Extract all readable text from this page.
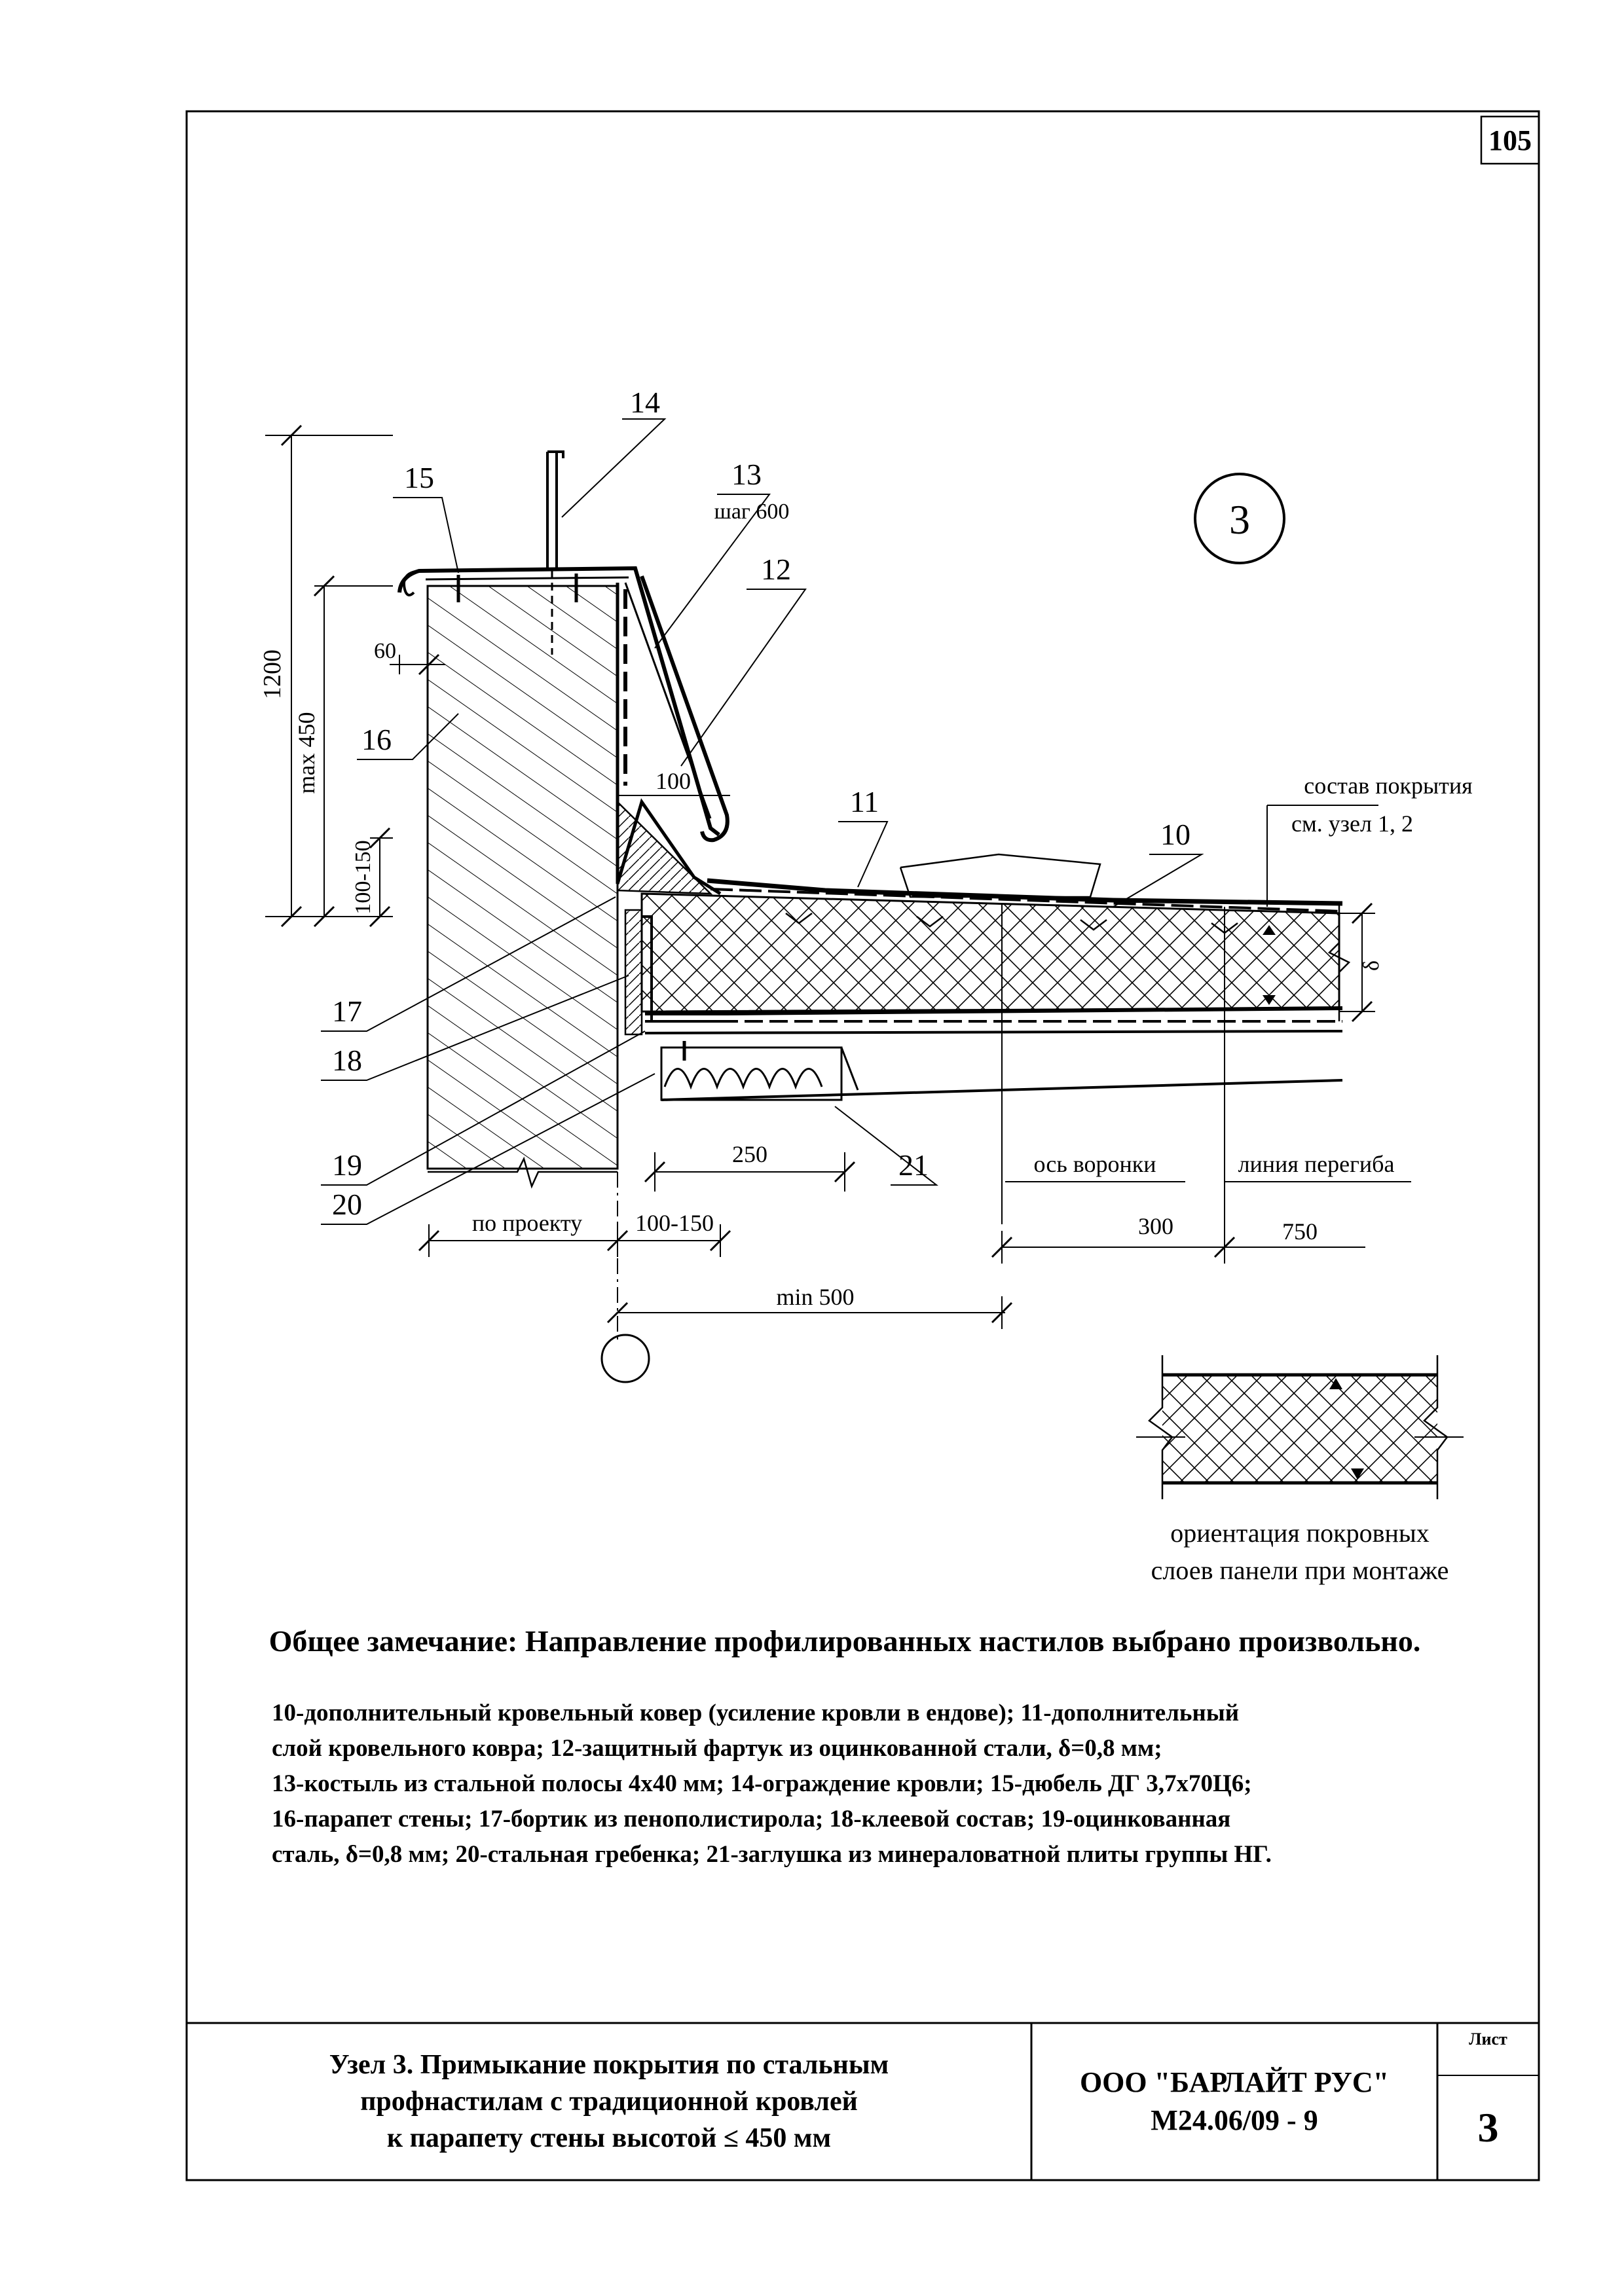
3
14
15	13
шаг 600
12
16
11
10
17
18
19
20
21
1200
max 450
100-150
60
100
250
по проекту 100-150
min 500
300	750
δ
состав покрытия
см. узел 1, 2
ось воронки	линия перегиба
ориентация покровных
слоев панели при монтаже
105
Общее замечание: Направление профилированных настилов выбрано произвольно.
10-дополнительный кровельный ковер (усиление кровли в ендове); 11-дополнительный
слой кровельного ковра; 12-защитный фартук из оцинкованной стали, δ=0,8 мм;
13-костыль из стальной полосы 4х40 мм; 14-ограждение кровли; 15-дюбель ДГ 3,7х70Ц6;
16-парапет стены; 17-бортик из пенополистирола; 18-клеевой состав; 19-оцинкованная
сталь, δ=0,8 мм; 20-стальная гребенка; 21-заглушка из минераловатной плиты группы НГ.
Узел 3. Примыкание покрытия по стальным
профнастилам с традиционной кровлей
к парапету стены высотой ≤ 450 мм
ООО "БАРЛАЙТ РУС"
М24.06/09 - 9
Лист
3
